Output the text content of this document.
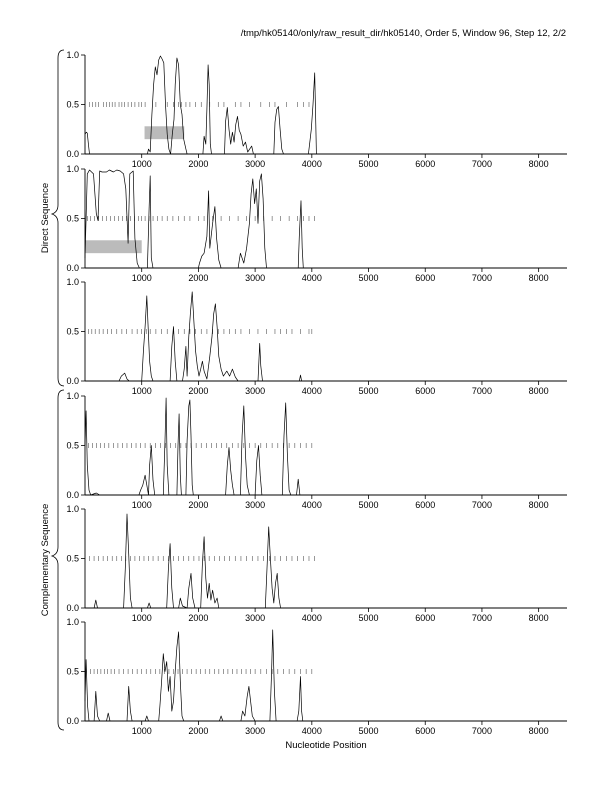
/tmp/hk05140/only/raw_result_dir/hk05140, Order 5, Window 96, Step 12, 2/2
0.0
0.5
1.0
1000	2000	3000	4000	5000	6000	7000	8000
0.0
0.5
1.0
1000	2000	3000	4000	5000	6000	7000	8000
0.0
0.5
1.0
1000	2000	3000	4000	5000	6000	7000	8000
0.0
0.5
1.0
1000	2000	3000	4000	5000	6000	7000	8000
0.0
0.5
1.0
1000	2000	3000	4000	5000	6000	7000	8000
0.0
0.5
1.0
1000	2000	3000	4000	5000	6000	7000	8000
Direct Sequence
Complementary Sequence
Nucleotide Position
